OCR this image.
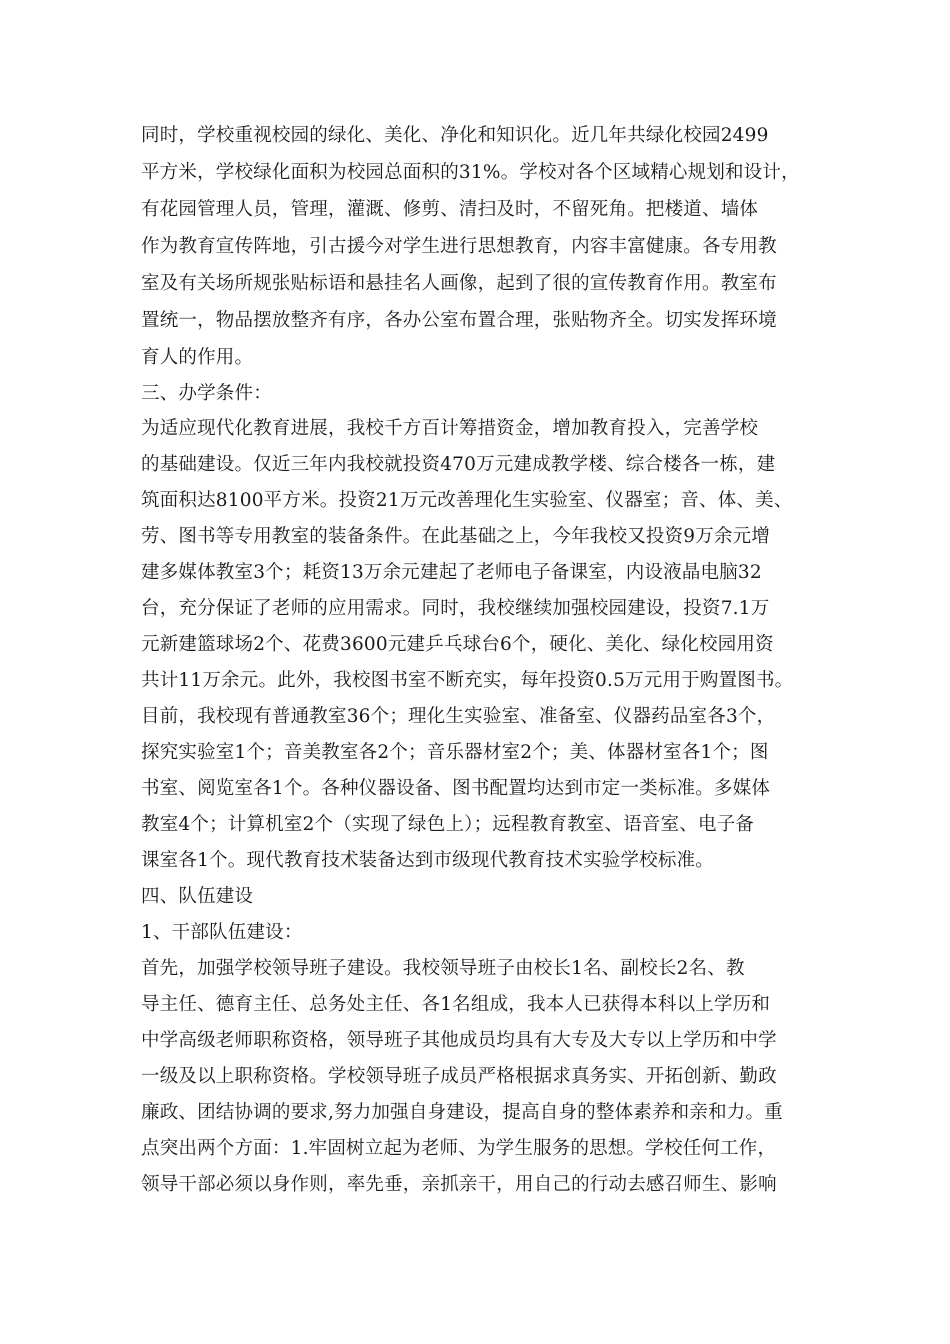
同时，学校重视校园的绿化、美化、净化和知识化。近几年共绿化校园2499
平方米，学校绿化面积为校园总面积的31%。学校对各个区域精心规划和设计，
有花园管理人员，管理，灌溉、修剪、清扫及时，不留死角。把楼道、墙体
作为教育宣传阵地，引古援今对学生进行思想教育，内容丰富健康。各专用教
室及有关场所规张贴标语和悬挂名人画像，起到了很的宣传教育作用。教室布
置统一，物品摆放整齐有序，各办公室布置合理，张贴物齐全。切实发挥环境
育人的作用。
三、办学条件：
为适应现代化教育进展，我校千方百计筹措资金，增加教育投入，完善学校
的基础建设。仅近三年内我校就投资470万元建成教学楼、综合楼各一栋，建
筑面积达8100平方米。投资21万元改善理化生实验室、仪器室；音、体、美、
劳、图书等专用教室的装备条件。在此基础之上，今年我校又投资9万余元增
建多媒体教室3个；耗资13万余元建起了老师电子备课室，内设液晶电脑32
台，充分保证了老师的应用需求。同时，我校继续加强校园建设，投资7.1万
元新建篮球场2个、花费3600元建乒乓球台6个，硬化、美化、绿化校园用资
共计11万余元。此外，我校图书室不断充实，每年投资0.5万元用于购置图书。
目前，我校现有普通教室36个；理化生实验室、准备室、仪器药品室各3个，
探究实验室1个；音美教室各2个；音乐器材室2个；美、体器材室各1个；图
书室、阅览室各1个。各种仪器设备、图书配置均达到市定一类标准。多媒体
教室4个；计算机室2个（实现了绿色上）；远程教育教室、语音室、电子备
课室各1个。现代教育技术装备达到市级现代教育技术实验学校标准。
四、队伍建设
1、干部队伍建设：
首先，加强学校领导班子建设。我校领导班子由校长1名、副校长2名、教
导主任、德育主任、总务处主任、各1名组成，我本人已获得本科以上学历和
中学高级老师职称资格，领导班子其他成员均具有大专及大专以上学历和中学
一级及以上职称资格。学校领导班子成员严格根据求真务实、开拓创新、勤政
廉政、团结协调的要求,努力加强自身建设，提高自身的整体素养和亲和力。重
点突出两个方面：1.牢固树立起为老师、为学生服务的思想。学校任何工作，
领导干部必须以身作则，率先垂，亲抓亲干，用自己的行动去感召师生、影响
